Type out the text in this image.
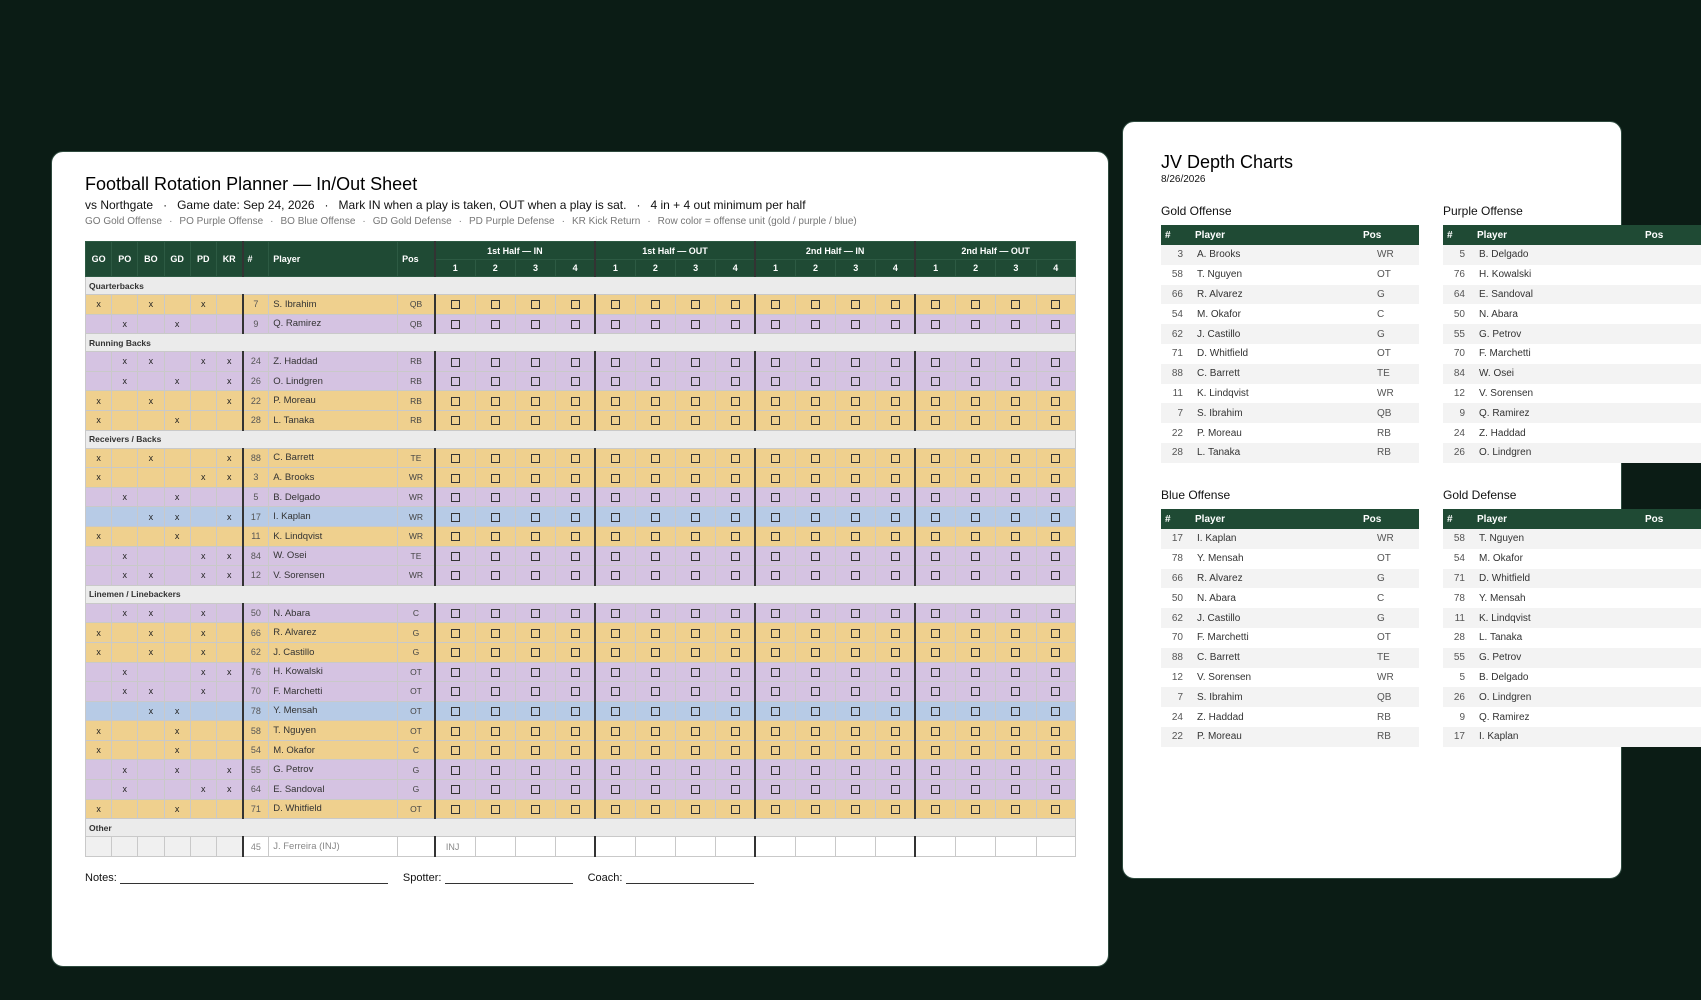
Football Rotation Planner — In/Out Sheet
vs Northgate · Game date: Sep 24, 2026 · Mark IN when a play is taken, OUT when a play is sat. · 4 in + 4 out minimum per half
GO Gold Offense · PO Purple Offense · BO Blue Offense · GD Gold Defense · PD Purple Defense · KR Kick Return · Row color = offense unit (gold / purple / blue)
GO	PO	BO	GD	PD	KR	#	Player	Pos	1st Half — IN				1st Half — OUT				2nd Half — IN				2nd Half — OUT			
									1	2	3	4	1	2	3	4	1	2	3	4	1	2	3	4
Quarterbacks																								
x		x		x		7	S. Ibrahim	QB																
	x		x			9	Q. Ramirez	QB																
Running Backs																								
	x	x		x	x	24	Z. Haddad	RB																
	x		x		x	26	O. Lindgren	RB																
x		x			x	22	P. Moreau	RB																
x			x			28	L. Tanaka	RB																
Receivers / Backs																								
x		x			x	88	C. Barrett	TE																
x				x	x	3	A. Brooks	WR																
	x		x			5	B. Delgado	WR																
		x	x		x	17	I. Kaplan	WR																
x			x			11	K. Lindqvist	WR																
	x			x	x	84	W. Osei	TE																
	x	x		x	x	12	V. Sorensen	WR																
Linemen / Linebackers																								
	x	x		x		50	N. Abara	C																
x		x		x		66	R. Alvarez	G																
x		x		x		62	J. Castillo	G																
	x			x	x	76	H. Kowalski	OT																
	x	x		x		70	F. Marchetti	OT																
		x	x			78	Y. Mensah	OT																
x			x			58	T. Nguyen	OT																
x			x			54	M. Okafor	C																
	x		x		x	55	G. Petrov	G																
	x			x	x	64	E. Sandoval	G																
x			x			71	D. Whitfield	OT																
Other																								
						45	J. Ferreira (INJ)		INJ															
Notes:	Spotter:	Coach:
JV Depth Charts
8/26/2026
Gold Offense
#	Player	Pos
3	A. Brooks	WR
58	T. Nguyen	OT
66	R. Alvarez	G
54	M. Okafor	C
62	J. Castillo	G
71	D. Whitfield	OT
88	C. Barrett	TE
11	K. Lindqvist	WR
7	S. Ibrahim	QB
22	P. Moreau	RB
28	L. Tanaka	RB
Purple Offense
#	Player	Pos
5	B. Delgado	
76	H. Kowalski	
64	E. Sandoval	
50	N. Abara	
55	G. Petrov	
70	F. Marchetti	
84	W. Osei	
12	V. Sorensen	
9	Q. Ramirez	
24	Z. Haddad	
26	O. Lindgren	
Blue Offense
#	Player	Pos
17	I. Kaplan	WR
78	Y. Mensah	OT
66	R. Alvarez	G
50	N. Abara	C
62	J. Castillo	G
70	F. Marchetti	OT
88	C. Barrett	TE
12	V. Sorensen	WR
7	S. Ibrahim	QB
24	Z. Haddad	RB
22	P. Moreau	RB
Gold Defense
#	Player	Pos
58	T. Nguyen	
54	M. Okafor	
71	D. Whitfield	
78	Y. Mensah	
11	K. Lindqvist	
28	L. Tanaka	
55	G. Petrov	
5	B. Delgado	
26	O. Lindgren	
9	Q. Ramirez	
17	I. Kaplan	
